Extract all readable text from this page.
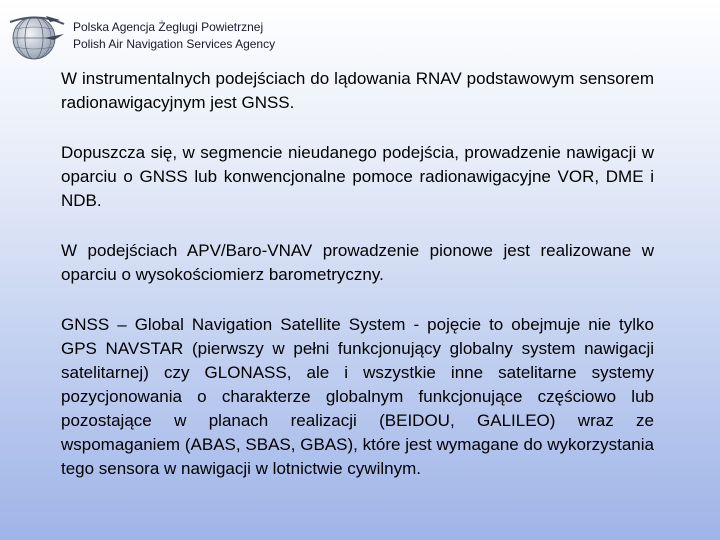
Polska Agencja Żeglugi Powietrznej
Polish Air Navigation Services Agency

W instrumentalnych podejściach do lądowania RNAV podstawowym sensorem radionawigacyjnym jest GNSS.

Dopuszcza się, w segmencie nieudanego podejścia, prowadzenie nawigacji w oparciu o GNSS lub konwencjonalne pomoce radionawigacyjne VOR, DME i NDB.

W podejściach APV/Baro-VNAV prowadzenie pionowe jest realizowane w oparciu o wysokościomierz barometryczny.

GNSS – Global Navigation Satellite System - pojęcie to obejmuje nie tylko GPS NAVSTAR (pierwszy w pełni funkcjonujący globalny system nawigacji satelitarnej) czy GLONASS, ale i wszystkie inne satelitarne systemy pozycjonowania o charakterze globalnym funkcjonujące częściowo lub pozostające w planach realizacji (BEIDOU, GALILEO) wraz ze wspomaganiem (ABAS, SBAS, GBAS), które jest wymagane do wykorzystania tego sensora w nawigacji w lotnictwie cywilnym.
